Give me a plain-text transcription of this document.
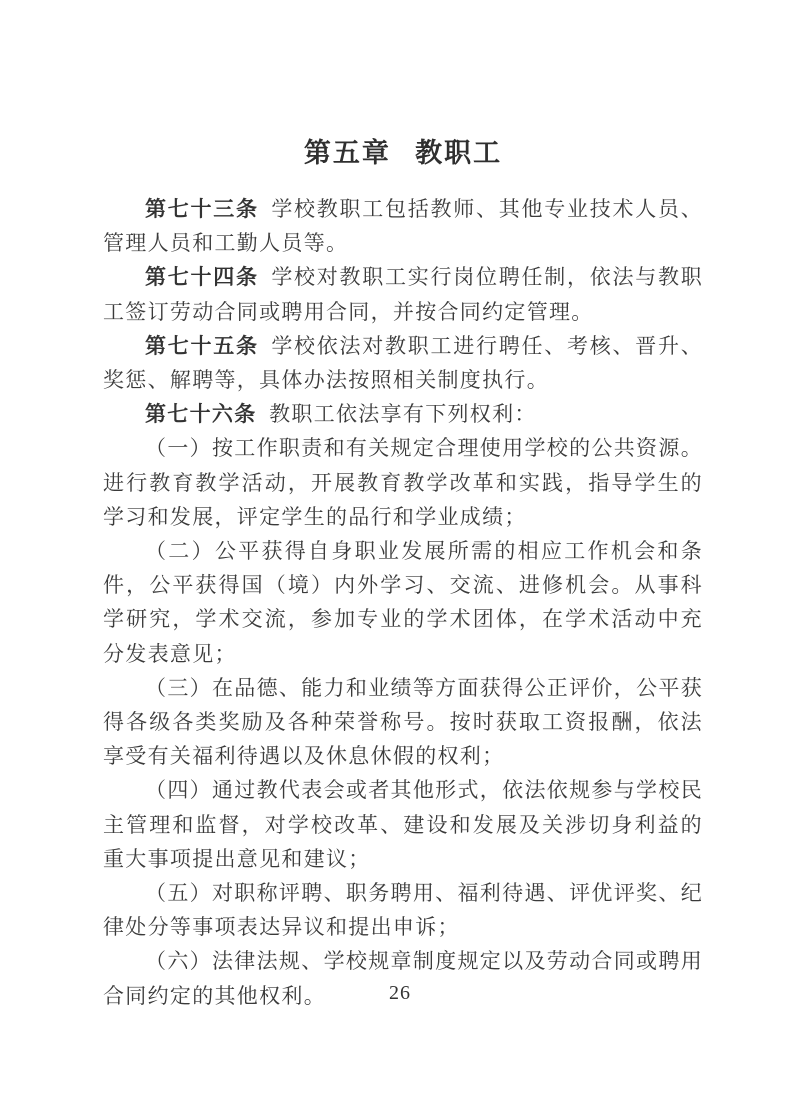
第五章 教职工

第七十三条 学校教职工包括教师、其他专业技术人员、管理人员和工勤人员等。

第七十四条 学校对教职工实行岗位聘任制，依法与教职工签订劳动合同或聘用合同，并按合同约定管理。

第七十五条 学校依法对教职工进行聘任、考核、晋升、奖惩、解聘等，具体办法按照相关制度执行。

第七十六条 教职工依法享有下列权利：

（一）按工作职责和有关规定合理使用学校的公共资源。进行教育教学活动，开展教育教学改革和实践，指导学生的学习和发展，评定学生的品行和学业成绩；

（二）公平获得自身职业发展所需的相应工作机会和条件，公平获得国（境）内外学习、交流、进修机会。从事科学研究，学术交流，参加专业的学术团体，在学术活动中充分发表意见；

（三）在品德、能力和业绩等方面获得公正评价，公平获得各级各类奖励及各种荣誉称号。按时获取工资报酬，依法享受有关福利待遇以及休息休假的权利；

（四）通过教代表会或者其他形式，依法依规参与学校民主管理和监督，对学校改革、建设和发展及关涉切身利益的重大事项提出意见和建议；

（五）对职称评聘、职务聘用、福利待遇、评优评奖、纪律处分等事项表达异议和提出申诉；

（六）法律法规、学校规章制度规定以及劳动合同或聘用合同约定的其他权利。	26
